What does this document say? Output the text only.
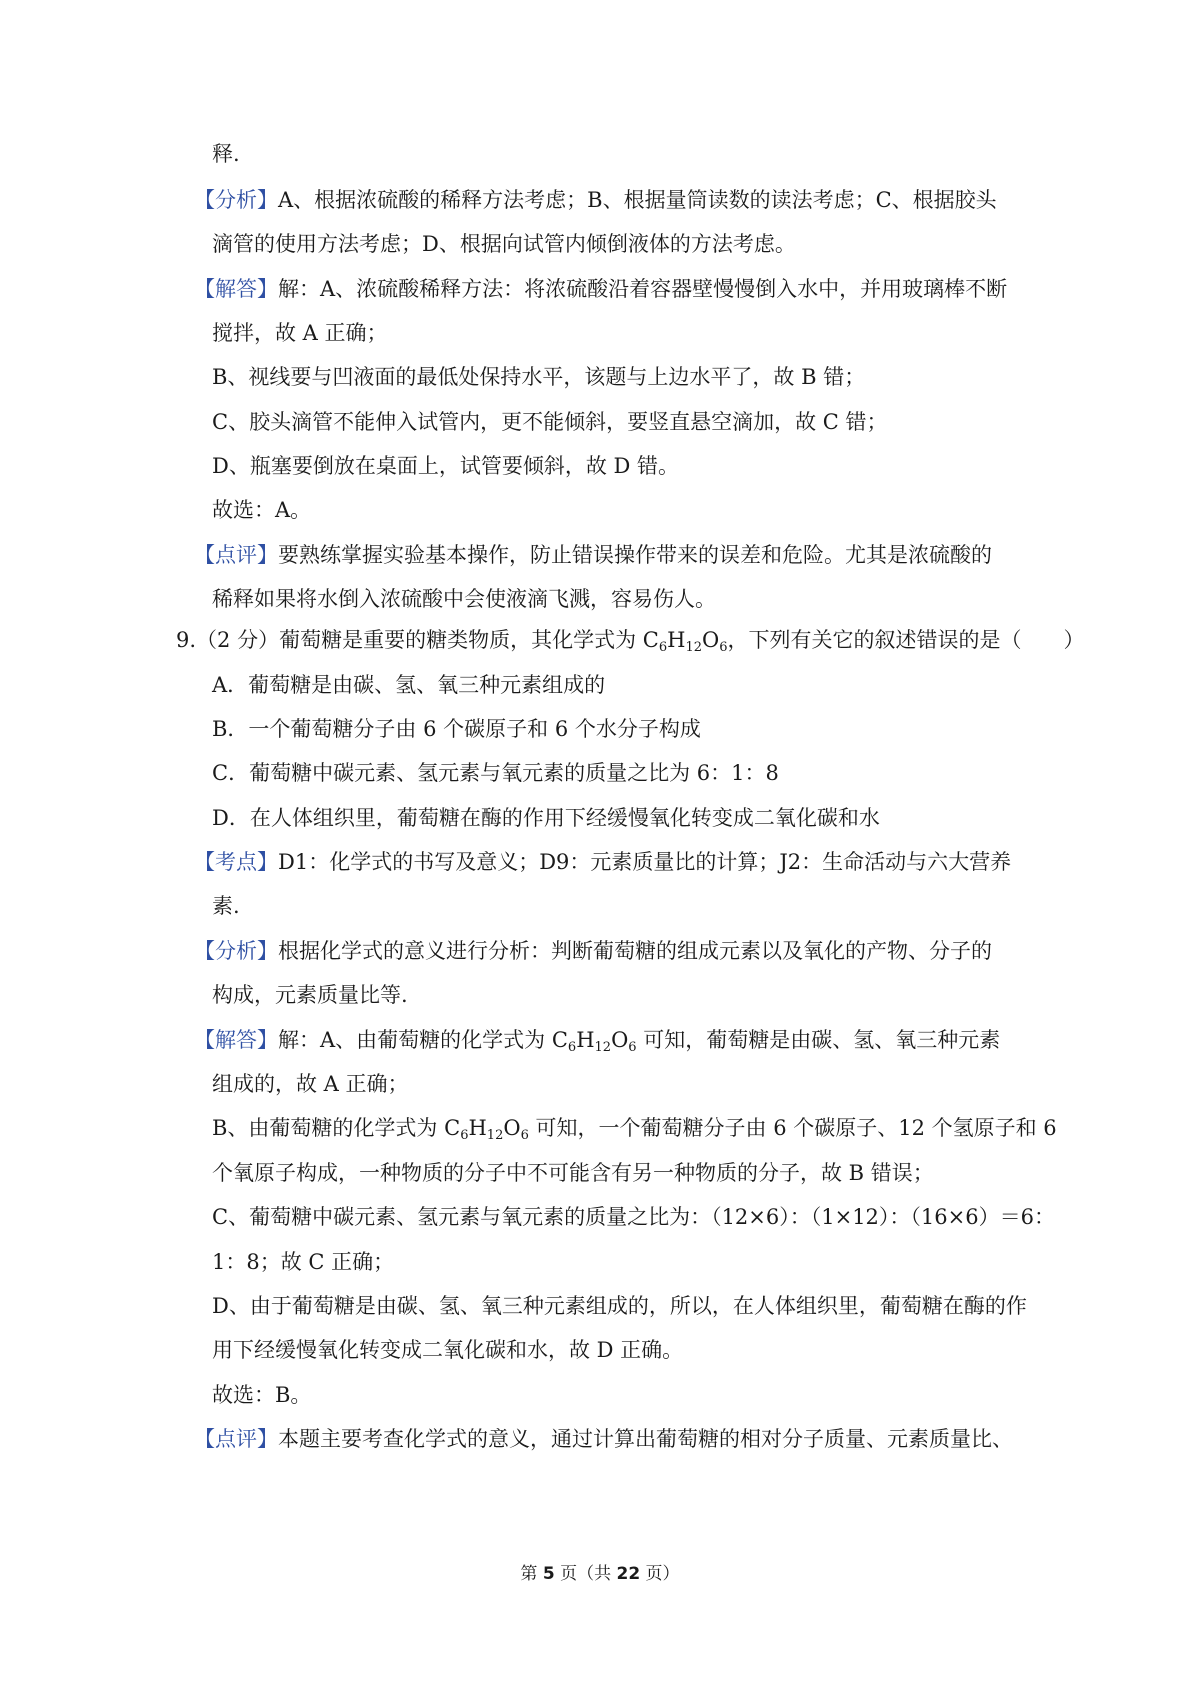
释.
【分析】A、根据浓硫酸的稀释方法考虑；B、根据量筒读数的读法考虑；C、根据胶头
滴管的使用方法考虑；D、根据向试管内倾倒液体的方法考虑。
【解答】解：A、浓硫酸稀释方法：将浓硫酸沿着容器壁慢慢倒入水中，并用玻璃棒不断
搅拌，故 A 正确；
B、视线要与凹液面的最低处保持水平，该题与上边水平了，故 B 错；
C、胶头滴管不能伸入试管内，更不能倾斜，要竖直悬空滴加，故 C 错；
D、瓶塞要倒放在桌面上，试管要倾斜，故 D 错。
故选：A。
【点评】要熟练掌握实验基本操作，防止错误操作带来的误差和危险。尤其是浓硫酸的
稀释如果将水倒入浓硫酸中会使液滴飞溅，容易伤人。
9.（2 分）葡萄糖是重要的糖类物质，其化学式为 $C_6H_{12}O_6$，下列有关它的叙述错误的是（　　）
A．葡萄糖是由碳、氢、氧三种元素组成的
B．一个葡萄糖分子由 6 个碳原子和 6 个水分子构成
C．葡萄糖中碳元素、氢元素与氧元素的质量之比为 6：1：8
D．在人体组织里，葡萄糖在酶的作用下经缓慢氧化转变成二氧化碳和水
【考点】D1：化学式的书写及意义；D9：元素质量比的计算；J2：生命活动与六大营养
素.
【分析】根据化学式的意义进行分析：判断葡萄糖的组成元素以及氧化的产物、分子的
构成，元素质量比等.
【解答】解：A、由葡萄糖的化学式为 $C_6H_{12}O_6$ 可知，葡萄糖是由碳、氢、氧三种元素
组成的，故 A 正确；
B、由葡萄糖的化学式为 $C_6H_{12}O_6$ 可知，一个葡萄糖分子由 6 个碳原子、12 个氢原子和 6
个氧原子构成，一种物质的分子中不可能含有另一种物质的分子，故 B 错误；
C、葡萄糖中碳元素、氢元素与氧元素的质量之比为：（12×6）：（1×12）：（16×6）＝6：
1：8；故 C 正确；
D、由于葡萄糖是由碳、氢、氧三种元素组成的，所以，在人体组织里，葡萄糖在酶的作
用下经缓慢氧化转变成二氧化碳和水，故 D 正确。
故选：B。
【点评】本题主要考查化学式的意义，通过计算出葡萄糖的相对分子质量、元素质量比、
第 5 页（共 22 页）
